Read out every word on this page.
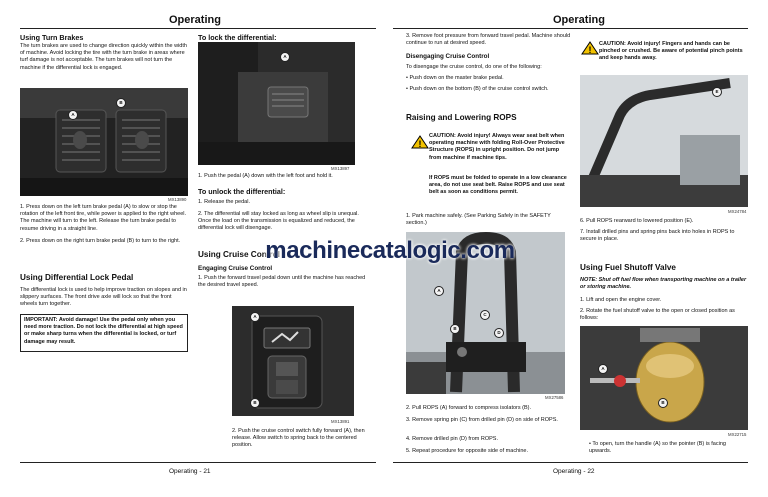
Operating
Using Turn Brakes
The turn brakes are used to change direction quickly within the width of machine. Avoid locking the tire with the turn brake in areas where turf damage is not acceptable. The turn brakes will not turn the machine if the differential lock is engaged.
A
B
MX13890
1. Press down on the left turn brake pedal (A) to slow or stop the rotation of the left front tire, while power is applied to the right wheel. The machine will turn to the left. Release the turn brake pedal to resume driving in a straight line.
2. Press down on the right turn brake pedal (B) to turn to the right.
Using Differential Lock Pedal
The differential lock is used to help improve traction on slopes and in slippery surfaces. The front drive axle will lock so that the front wheels turn together.
IMPORTANT: Avoid damage! Use the pedal only when you need more traction. Do not lock the differential at high speed or make sharp turns when the differential is locked, or turf damage may result.
To lock the differential:
A
MX13897
1. Push the pedal (A) down with the left foot and hold it.
To unlock the differential:
1. Release the pedal.
2. The differential will stay locked as long as wheel slip is unequal. Once the load on the transmission is equalized and reduced, the differential lock will disengage.
Using Cruise Control
Engaging Cruise Control
1. Push the forward travel pedal down until the machine has reached the desired travel speed.
A
B
MX13891
2. Push the cruise control switch fully forward (A), then release. Allow switch to spring back to the centered position.
Operating - 21
Operating
3. Remove foot pressure from forward travel pedal. Machine should continue to run at desired speed.
Disengaging Cruise Control
To disengage the cruise control, do one of the following:
• Push down on the master brake pedal.
• Push down on the bottom (B) of the cruise control switch.
Raising and Lowering ROPS
!
CAUTION: Avoid injury! Always wear seat belt when operating machine with folding Roll-Over Protective Structure (ROPS) in upright position. Do not jump from machine if machine tips.
If ROPS must be folded to operate in a low clearance area, do not use seat belt. Raise ROPS and use seat belt as soon as conditions permit.
1. Park machine safely. (See Parking Safely in the SAFETY section.)
A
B
C
D
MX27586
2. Pull ROPS (A) forward to compress isolators (B).
3. Remove spring pin (C) from drilled pin (D) on side of ROPS.
4. Remove drilled pin (D) from ROPS.
5. Repeat procedure for opposite side of machine.
!
CAUTION: Avoid injury! Fingers and hands can be pinched or crushed. Be aware of potential pinch points and keep hands away.
E
MX24784
6. Pull ROPS rearward to lowered position (E).
7. Install drilled pins and spring pins back into holes in ROPS to secure in place.
Using Fuel Shutoff Valve
NOTE: Shut off fuel flow when transporting machine on a trailer or storing machine.
1. Lift and open the engine cover.
2. Rotate the fuel shutoff valve to the open or closed position as follows:
A
B
MX22715
• To open, turn the handle (A) so the pointer (B) is facing upwards.
Operating - 22
machinecatalogic.com
